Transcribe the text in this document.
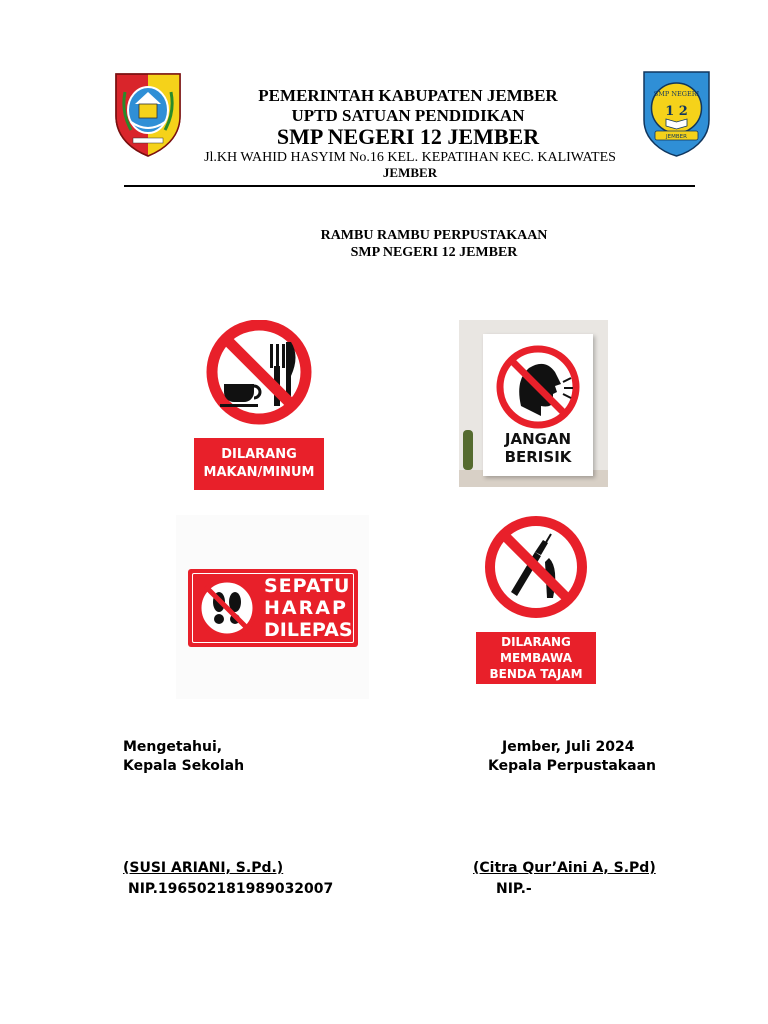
SMP NEGERI
1 2
JEMBER
PEMERINTAH KABUPATEN JEMBER
UPTD SATUAN PENDIDIKAN
SMP NEGERI 12 JEMBER
Jl.KH WAHID HASYIM No.16 KEL. KEPATIHAN KEC. KALIWATES
JEMBER
RAMBU RAMBU PERPUSTAKAAN
SMP NEGERI 12 JEMBER
DILARANG
MAKAN/MINUM
JANGAN
BERISIK
SEPATU
HARAP
DILEPAS
DILARANG
MEMBAWA
BENDA TAJAM
Mengetahui,
Kepala Sekolah
(SUSI ARIANI, S.Pd.)
NIP.196502181989032007
Jember, Juli 2024
Kepala Perpustakaan
(Citra Qur’Aini A, S.Pd)
NIP.-
